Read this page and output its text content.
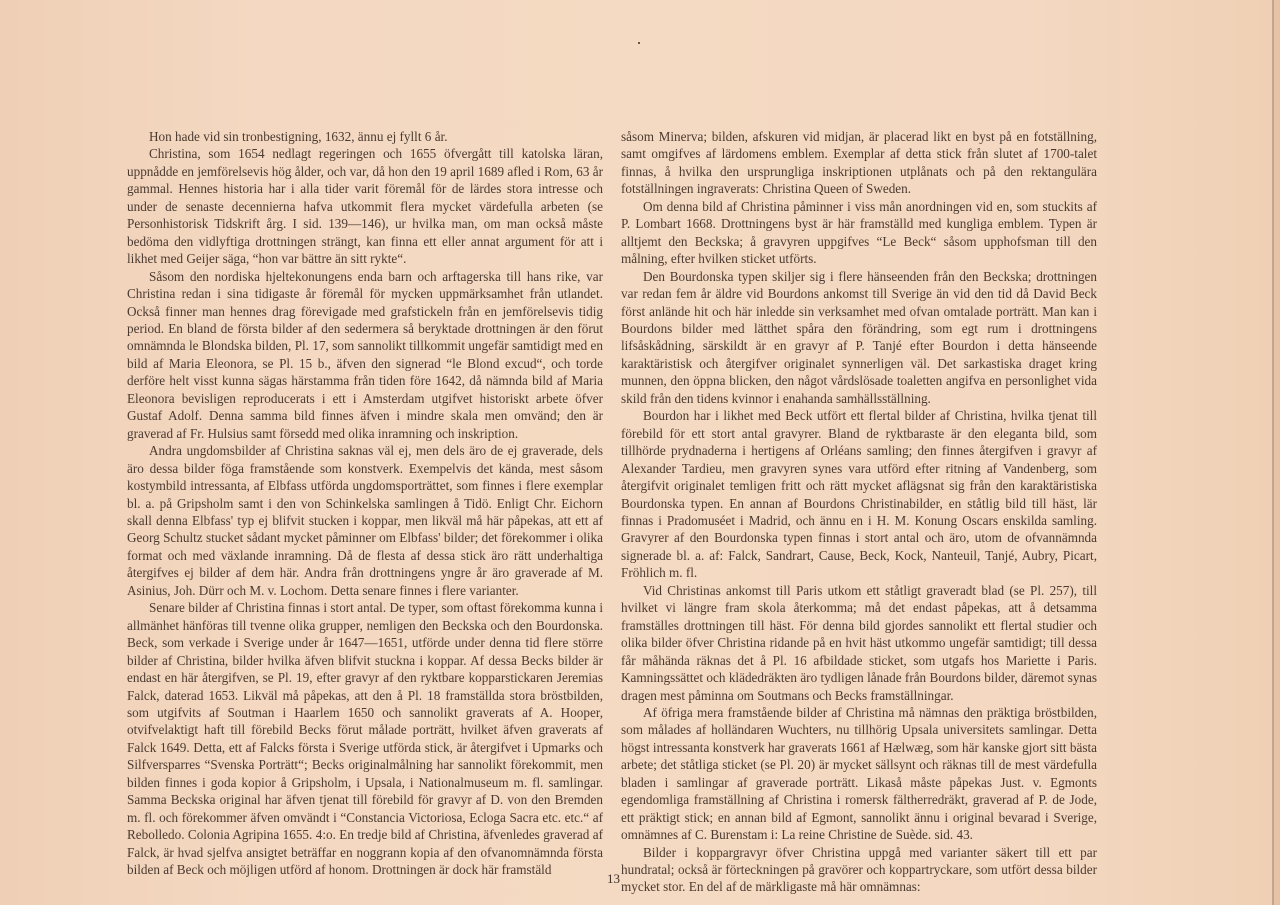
Hon hade vid sin tronbestigning, 1632, ännu ej fyllt 6 år.

Christina, som 1654 nedlagt regeringen och 1655 öfvergått till katolska läran, uppnådde en jemförelsevis hög ålder, och var, då hon den 19 april 1689 afled i Rom, 63 år gammal. Hennes historia har i alla tider varit föremål för de lärdes stora intresse och under de senaste decennierna hafva utkommit flera mycket värdefulla arbeten (se Personhistorisk Tidskrift årg. I sid. 139—146), ur hvilka man, om man också måste bedöma den vidlyftiga drottningen strängt, kan finna ett eller annat argument för att i likhet med Geijer säga, “hon var bättre än sitt rykte“.

Såsom den nordiska hjeltekonungens enda barn och arftagerska till hans rike, var Christina redan i sina tidigaste år föremål för mycken uppmärksamhet från utlandet. Också finner man hennes drag förevigade med grafstickeln från en jemförelsevis tidig period. En bland de första bilder af den sedermera så beryktade drottningen är den förut omnämnda le Blondska bilden, Pl. 17, som sannolikt tillkommit ungefär samtidigt med en bild af Maria Eleonora, se Pl. 15 b., äfven den signerad “le Blond excud“, och torde derföre helt visst kunna sägas härstamma från tiden före 1642, då nämnda bild af Maria Eleonora bevisligen reproducerats i ett i Amsterdam utgifvet historiskt arbete öfver Gustaf Adolf. Denna samma bild finnes äfven i mindre skala men omvänd; den är graverad af Fr. Hulsius samt försedd med olika inramning och inskription.

Andra ungdomsbilder af Christina saknas väl ej, men dels äro de ej graverade, dels äro dessa bilder föga framstående som konstverk. Exempelvis det kända, mest såsom kostymbild intressanta, af Elbfass utförda ungdomsporträttet, som finnes i flere exemplar bl. a. på Gripsholm samt i den von Schinkelska samlingen å Tidö. Enligt Chr. Eichorn skall denna Elbfass' typ ej blifvit stucken i koppar, men likväl må här påpekas, att ett af Georg Schultz stucket sådant mycket påminner om Elbfass' bilder; det förekommer i olika format och med växlande inramning. Då de flesta af dessa stick äro rätt underhaltiga återgifves ej bilder af dem här. Andra från drottningens yngre år äro graverade af M. Asinius, Joh. Dürr och M. v. Lochom. Detta senare finnes i flere varianter.

Senare bilder af Christina finnas i stort antal. De typer, som oftast förekomma kunna i allmänhet hänföras till tvenne olika grupper, nemligen den Beckska och den Bourdonska. Beck, som verkade i Sverige under år 1647—1651, utförde under denna tid flere större bilder af Christina, bilder hvilka äfven blifvit stuckna i koppar. Af dessa Becks bilder är endast en här återgifven, se Pl. 19, efter gravyr af den ryktbare kopparstickaren Jeremias Falck, daterad 1653. Likväl må påpekas, att den å Pl. 18 framställda stora bröstbilden, som utgifvits af Soutman i Haarlem 1650 och sannolikt graverats af A. Hooper, otvifvelaktigt haft till förebild Becks förut målade porträtt, hvilket äfven graverats af Falck 1649. Detta, ett af Falcks första i Sverige utförda stick, är återgifvet i Upmarks och Silfversparres “Svenska Porträtt“; Becks originalmålning har sannolikt förekommit, men bilden finnes i goda kopior å Gripsholm, i Upsala, i Nationalmuseum m. fl. samlingar. Samma Beckska original har äfven tjenat till förebild för gravyr af D. von den Bremden m. fl. och förekommer äfven omvändt i “Constancia Victoriosa, Ecloga Sacra etc. etc.“ af Rebolledo. Colonia Agripina 1655. 4:o. En tredje bild af Christina, äfvenledes graverad af Falck, är hvad sjelfva ansigtet beträffar en noggrann kopia af den ofvanomnämnda första bilden af Beck och möjligen utförd af honom. Drottningen är dock här framstäld

såsom Minerva; bilden, afskuren vid midjan, är placerad likt en byst på en fotställning, samt omgifves af lärdomens emblem. Exemplar af detta stick från slutet af 1700-talet finnas, å hvilka den ursprungliga inskriptionen utplånats och på den rektangulära fotställningen ingraverats: Christina Queen of Sweden.

Om denna bild af Christina påminner i viss mån anordningen vid en, som stuckits af P. Lombart 1668. Drottningens byst är här framställd med kungliga emblem. Typen är alltjemt den Beckska; å gravyren uppgifves “Le Beck“ såsom upphofsman till den målning, efter hvilken sticket utförts.

Den Bourdonska typen skiljer sig i flere hänseenden från den Beckska; drottningen var redan fem år äldre vid Bourdons ankomst till Sverige än vid den tid då David Beck först anlände hit och här inledde sin verksamhet med ofvan omtalade porträtt. Man kan i Bourdons bilder med lätthet spåra den förändring, som egt rum i drottningens lifsåskådning, särskildt är en gravyr af P. Tanjé efter Bourdon i detta hänseende karaktäristisk och återgifver originalet synnerligen väl. Det sarkastiska draget kring munnen, den öppna blicken, den något vårdslösade toaletten angifva en personlighet vida skild från den tidens kvinnor i enahanda samhällsställning.

Bourdon har i likhet med Beck utfört ett flertal bilder af Christina, hvilka tjenat till förebild för ett stort antal gravyrer. Bland de ryktbaraste är den eleganta bild, som tillhörde prydnaderna i hertigens af Orléans samling; den finnes återgifven i gravyr af Alexander Tardieu, men gravyren synes vara utförd efter ritning af Vandenberg, som återgifvit originalet temligen fritt och rätt mycket aflägsnat sig från den karaktäristiska Bourdonska typen. En annan af Bourdons Christinabilder, en ståtlig bild till häst, lär finnas i Pradomuséet i Madrid, och ännu en i H. M. Konung Oscars enskilda samling. Gravyrer af den Bourdonska typen finnas i stort antal och äro, utom de ofvannämnda signerade bl. a. af: Falck, Sandrart, Cause, Beck, Kock, Nanteuil, Tanjé, Aubry, Picart, Fröhlich m. fl.

Vid Christinas ankomst till Paris utkom ett ståtligt graveradt blad (se Pl. 257), till hvilket vi längre fram skola återkomma; må det endast påpekas, att å detsamma framställes drottningen till häst. För denna bild gjordes sannolikt ett flertal studier och olika bilder öfver Christina ridande på en hvit häst utkommo ungefär samtidigt; till dessa får måhända räknas det å Pl. 16 afbildade sticket, som utgafs hos Mariette i Paris. Kamningssättet och klädedräkten äro tydligen lånade från Bourdons bilder, däremot synas dragen mest påminna om Soutmans och Becks framställningar.

Af öfriga mera framstående bilder af Christina må nämnas den präktiga bröstbilden, som målades af holländaren Wuchters, nu tillhörig Upsala universitets samlingar. Detta högst intressanta konstverk har graverats 1661 af Hælwæg, som här kanske gjort sitt bästa arbete; det ståtliga sticket (se Pl. 20) är mycket sällsynt och räknas till de mest värdefulla bladen i samlingar af graverade porträtt. Likaså måste påpekas Just. v. Egmonts egendomliga framställning af Christina i romersk fältherredräkt, graverad af P. de Jode, ett präktigt stick; en annan bild af Egmont, sannolikt ännu i original bevarad i Sverige, omnämnes af C. Burenstam i: La reine Christine de Suède. sid. 43.

Bilder i koppargravyr öfver Christina uppgå med varianter säkert till ett par hundratal; också är förteckningen på gravörer och koppartryckare, som utfört dessa bilder mycket stor. En del af de märkligaste må här omnämnas:

13
